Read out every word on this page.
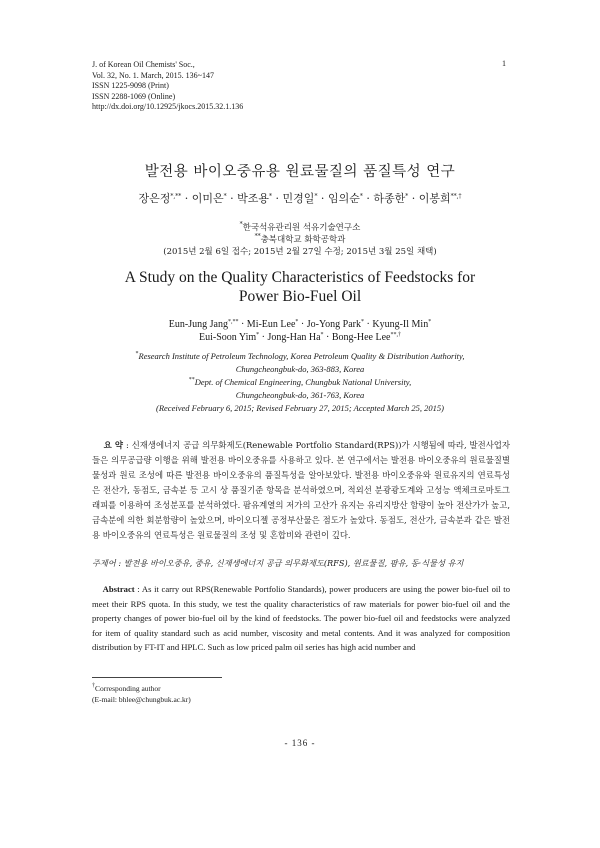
J. of Korean Oil Chemists' Soc.,
Vol. 32, No. 1. March, 2015. 136~147
ISSN 1225-9098 (Print)
ISSN 2288-1069 (Online)
http://dx.doi.org/10.12925/jkocs.2015.32.1.136
1
발전용 바이오중유용 원료물질의 품질특성 연구
장은정*,** · 이미은* · 박조용* · 민경일* · 임의순* · 하종한* · 이봉희**,†
*한국석유관리원 석유기술연구소
**충북대학교 화학공학과
(2015년 2월 6일 접수; 2015년 2월 27일 수정; 2015년 3월 25일 채택)
A Study on the Quality Characteristics of Feedstocks for
Power Bio-Fuel Oil
Eun-Jung Jang*,** · Mi-Eun Lee* · Jo-Yong Park* · Kyung-Il Min*
Eui-Soon Yim* · Jong-Han Ha* · Bong-Hee Lee**,†
*Research Institute of Petroleum Technology, Korea Petroleum Quality & Distribution Authority,
Chungcheongbuk-do, 363-883, Korea
**Dept. of Chemical Engineering, Chungbuk National University,
Chungcheongbuk-do, 361-763, Korea
(Received February 6, 2015; Revised February 27, 2015; Accepted March 25, 2015)
요 약 : 신재생에너지 공급 의무화제도(Renewable Portfolio Standard(RPS))가 시행됨에 따라, 발전사업자들은 의무공급량 이행을 위해 발전용 바이오중유를 사용하고 있다. 본 연구에서는 발전용 바이오중유의 원료물질별 물성과 원료 조성에 따른 발전용 바이오중유의 품질특성을 알아보았다. 발전용 바이오중유와 원료유지의 연료특성은 전산가, 동점도, 금속분 등 고시 상 품질기준 항목을 분석하였으며, 적외선 분광광도계와 고성능 액체크로마토그래피를 이용하여 조성분포를 분석하였다. 팜유계열의 저가의 고산가 유지는 유리지방산 함량이 높아 전산가가 높고, 금속분에 의한 회분함량이 높았으며, 바이오디젤 공정부산물은 점도가 높았다. 동점도, 전산가, 금속분과 같은 발전용 바이오중유의 연료특성은 원료물질의 조성 및 혼합비와 관련이 깊다.
주제어 : 발전용 바이오중유, 중유, 신재생에너지 공급 의무화제도(RFS), 원료물질, 팜유, 동·식물성 유지
Abstract : As it carry out RPS(Renewable Portfolio Standards), power producers are using the power bio-fuel oil to meet their RPS quota. In this study, we test the quality characteristics of raw materials for power bio-fuel oil and the property changes of power bio-fuel oil by the kind of feedstocks. The power bio-fuel oil and feedstocks were analyzed for item of quality standard such as acid number, viscosity and metal contents. And it was analyzed for composition distribution by FT-IT and HPLC. Such as low priced palm oil series has high acid number and
†Corresponding author
(E-mail: bhlee@chungbuk.ac.kr)
- 136 -
